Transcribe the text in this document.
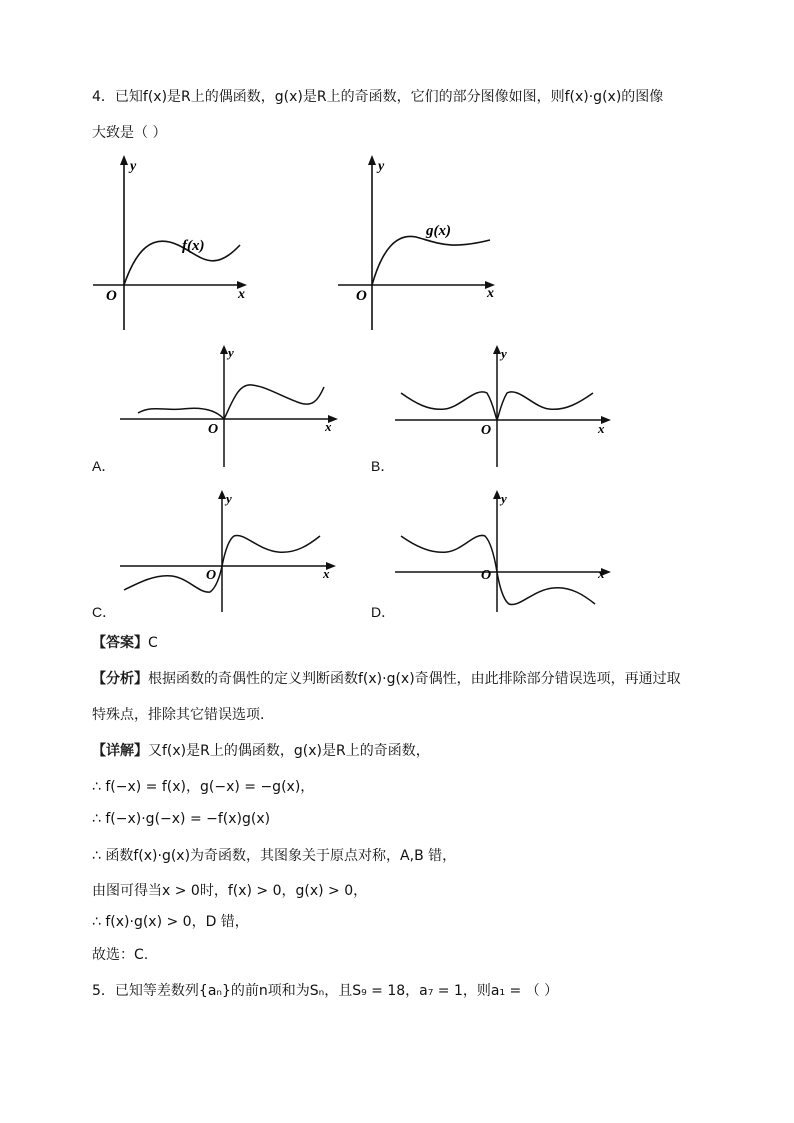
4．已知f(x)是R上的偶函数，g(x)是R上的奇函数，它们的部分图像如图，则f(x)·g(x)的图像
大致是（ ）
y
x
O
f(x)
y
x
O
g(x)
y
x
O
A．
y
x
O
B．
y
x
O
C．
y
x
O
D．
【答案】C
【分析】根据函数的奇偶性的定义判断函数f(x)·g(x)奇偶性，由此排除部分错误选项，再通过取
特殊点，排除其它错误选项.
【详解】又f(x)是R上的偶函数，g(x)是R上的奇函数，
∴ f(−x) = f(x)，g(−x) = −g(x)，
∴ f(−x)·g(−x) = −f(x)g(x)
∴ 函数f(x)·g(x)为奇函数，其图象关于原点对称，A,B 错，
由图可得当x > 0时，f(x) > 0，g(x) > 0，
∴ f(x)·g(x) > 0，D 错，
故选：C.
5．已知等差数列{aₙ}的前n项和为Sₙ，且S₉ = 18，a₇ = 1，则a₁ = （ ）
